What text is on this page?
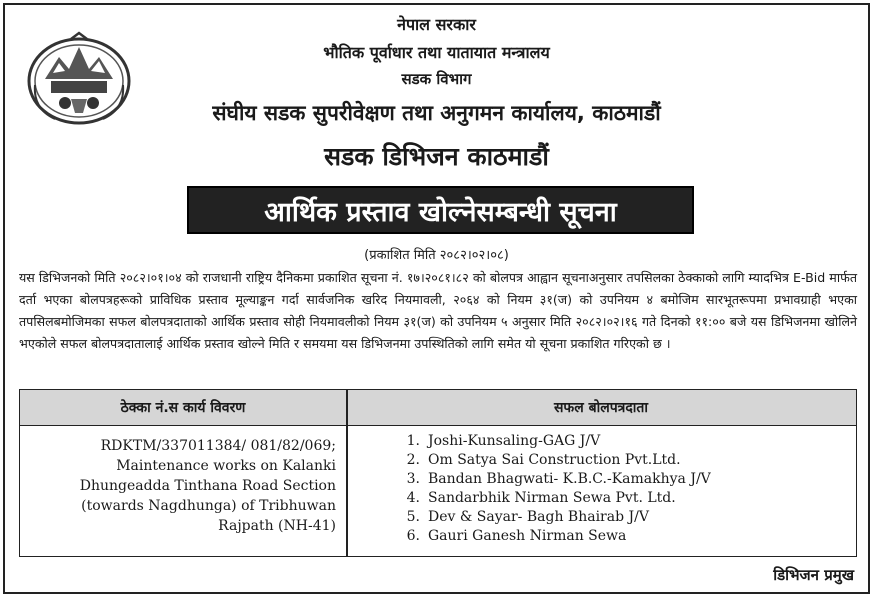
नेपाल सरकार
भौतिक पूर्वाधार तथा यातायात मन्त्रालय
सडक विभाग
संघीय सडक सुपरीवेक्षण तथा अनुगमन कार्यालय, काठमाडौं
सडक डिभिजन काठमाडौं
आर्थिक प्रस्ताव खोल्नेसम्बन्धी सूचना
(प्रकाशित मिति २०८२।०२।०८)
यस डिभिजनको मिति २०८२।०१।०४ को राजधानी राष्ट्रिय दैनिकमा प्रकाशित सूचना नं. १७।२०८१।८२ को बोलपत्र आह्वान सूचनाअनुसार तपसिलका ठेक्काको लागि म्यादभित्र E-Bid मार्फत दर्ता भएका बोलपत्रहरूको प्राविधिक प्रस्ताव मूल्याङ्कन गर्दा सार्वजनिक खरिद नियमावली, २०६४ को नियम ३१(ज) को उपनियम ४ बमोजिम सारभूतरूपमा प्रभावग्राही भएका तपसिलबमोजिमका सफल बोलपत्रदाताको आर्थिक प्रस्ताव सोही नियमावलीको नियम ३१(ज) को उपनियम ५ अनुसार मिति २०८२।०२।१६ गते दिनको ११:०० बजे यस डिभिजनमा खोलिने भएकोले सफल बोलपत्रदातालाई आर्थिक प्रस्ताव खोल्ने मिति र समयमा यस डिभिजनमा उपस्थितिको लागि समेत यो सूचना प्रकाशित गरिएको छ ।
ठेक्का नं.स कार्य विवरण	सफल बोलपत्रदाता
RDKTM/337011384/ 081/82/069;
Maintenance works on Kalanki
Dhungeadda Tinthana Road Section
(towards Nagdhunga) of Tribhuwan
Rajpath (NH-41)
1. Joshi-Kunsaling-GAG J/V
2. Om Satya Sai Construction Pvt.Ltd.
3. Bandan Bhagwati- K.B.C.-Kamakhya J/V
4. Sandarbhik Nirman Sewa Pvt. Ltd.
5. Dev & Sayar- Bagh Bhairab J/V
6. Gauri Ganesh Nirman Sewa
डिभिजन प्रमुख
